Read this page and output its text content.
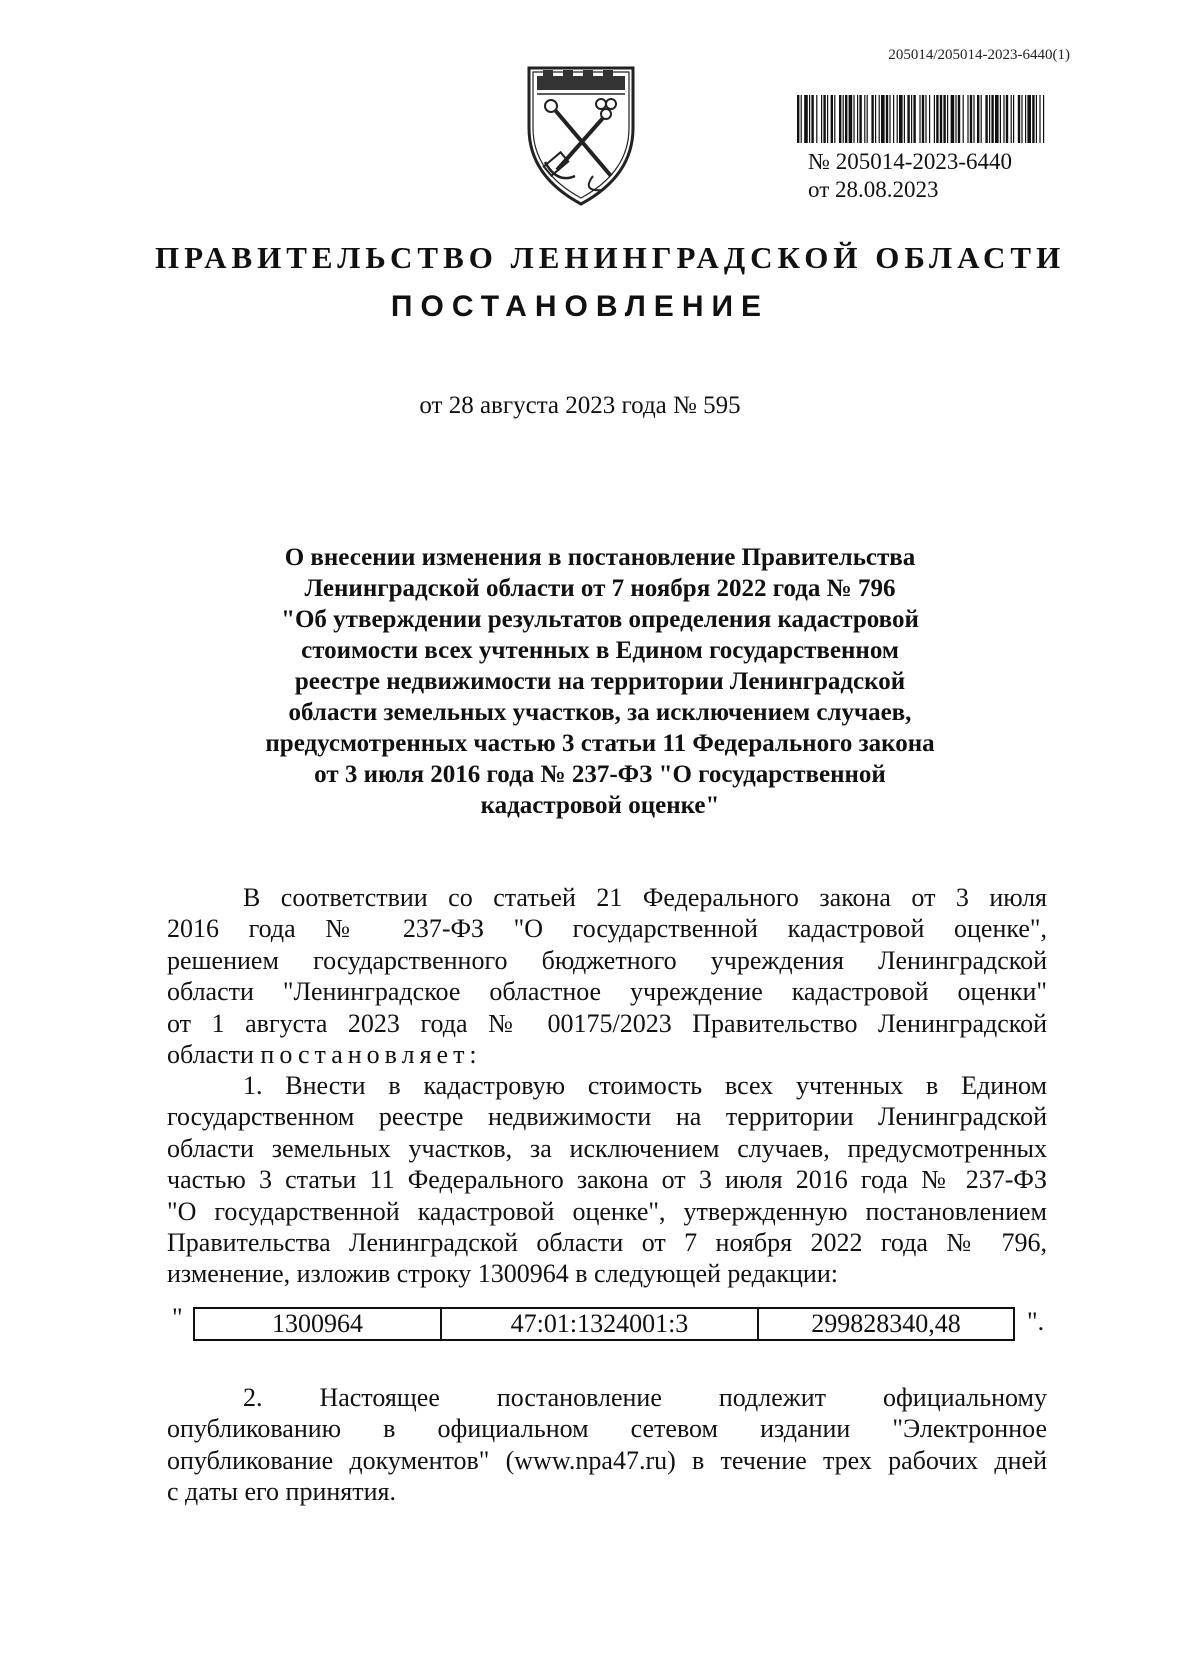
205014/205014-2023-6440(1)
№ 205014-2023-6440
от 28.08.2023
ПРАВИТЕЛЬСТВО ЛЕНИНГРАДСКОЙ ОБЛАСТИ
ПОСТАНОВЛЕНИЕ
от 28 августа 2023 года № 595
О внесении изменения в постановление Правительства
Ленинградской области от 7 ноября 2022 года № 796
"Об утверждении результатов определения кадастровой
стоимости всех учтенных в Едином государственном
реестре недвижимости на территории Ленинградской
области земельных участков, за исключением случаев,
предусмотренных частью 3 статьи 11 Федерального закона
от 3 июля 2016 года № 237-ФЗ "О государственной
кадастровой оценке"
В соответствии со статьей 21 Федерального закона от 3 июля
2016 года № 237-ФЗ "О государственной кадастровой оценке",
решением государственного бюджетного учреждения Ленинградской
области "Ленинградское областное учреждение кадастровой оценки"
от 1 августа 2023 года № 00175/2023 Правительство Ленинградской
области постановляет:
1. Внести в кадастровую стоимость всех учтенных в Едином
государственном реестре недвижимости на территории Ленинградской
области земельных участков, за исключением случаев, предусмотренных
частью 3 статьи 11 Федерального закона от 3 июля 2016 года № 237-ФЗ
"О государственной кадастровой оценке", утвержденную постановлением
Правительства Ленинградской области от 7 ноября 2022 года № 796,
изменение, изложив строку 1300964 в следующей редакции:
"	1300964	47:01:1324001:3	299828340,48	".
2. Настоящее постановление подлежит официальному
опубликованию в официальном сетевом издании "Электронное
опубликование документов" (www.npa47.ru) в течение трех рабочих дней
с даты его принятия.
